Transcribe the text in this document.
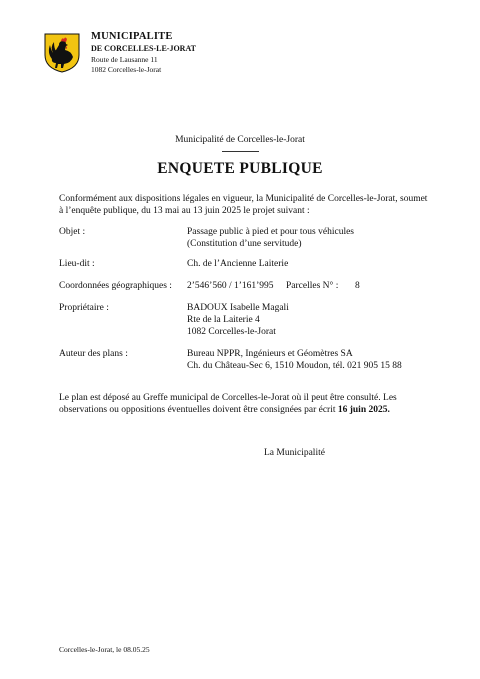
MUNICIPALITE
DE CORCELLES-LE-JORAT
Route de Lausanne 11
1082 Corcelles-le-Jorat
Municipalité de Corcelles-le-Jorat
ENQUETE PUBLIQUE
Conformément aux dispositions légales en vigueur, la Municipalité de Corcelles-le-Jorat, soumet à l’enquête publique, du 13 mai au 13 juin 2025 le projet suivant :
Objet :	Passage public à pied et pour tous véhicules
(Constitution d’une servitude)
Lieu-dit :	Ch. de l’Ancienne Laiterie
Coordonnées géographiques : 2’546’560 / 1’161’995 Parcelles N° : 8
Propriétaire :	BADOUX Isabelle Magali
Rte de la Laiterie 4
1082 Corcelles-le-Jorat
Auteur des plans :	Bureau NPPR, Ingénieurs et Géomètres SA
Ch. du Château-Sec 6, 1510 Moudon, tél. 021 905 15 88
Le plan est déposé au Greffe municipal de Corcelles-le-Jorat où il peut être consulté. Les observations ou oppositions éventuelles doivent être consignées par écrit 16 juin 2025.
La Municipalité
Corcelles-le-Jorat, le 08.05.25
